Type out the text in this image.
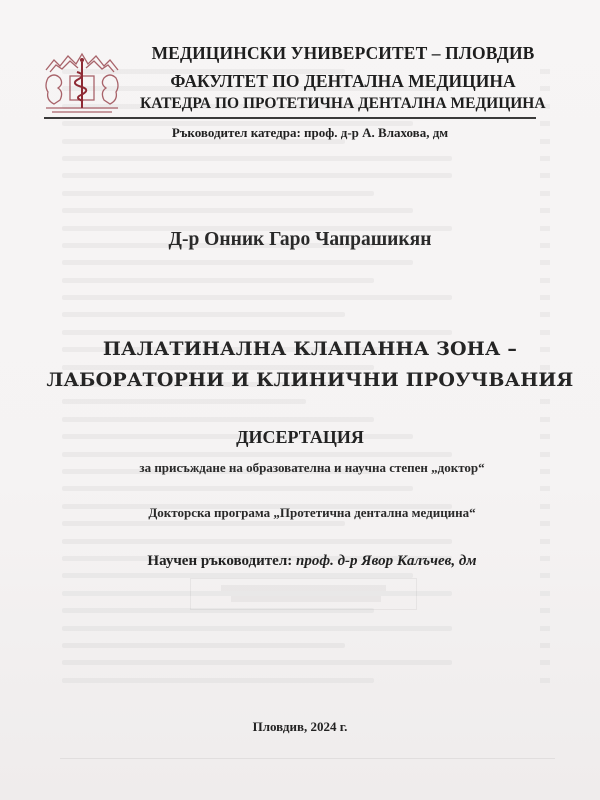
МЕДИЦИНСКИ УНИВЕРСИТЕТ – ПЛОВДИВ
ФАКУЛТЕТ ПО ДЕНТАЛНА МЕДИЦИНА
КАТЕДРА ПО ПРОТЕТИЧНА ДЕНТАЛНА МЕДИЦИНА
Ръководител катедра: проф. д-р А. Влахова, дм
Д-р Онник Гаро Чапрашикян
ПАЛАТИНАЛНА КЛАПАННА ЗОНА –
ЛАБОРАТОРНИ И КЛИНИЧНИ ПРОУЧВАНИЯ
ДИСЕРТАЦИЯ
за присъждане на образователна и научна степен „доктор“
Докторска програма „Протетична дентална медицина“
Научен ръководител: проф. д-р Явор Калъчев, дм
Пловдив, 2024 г.
